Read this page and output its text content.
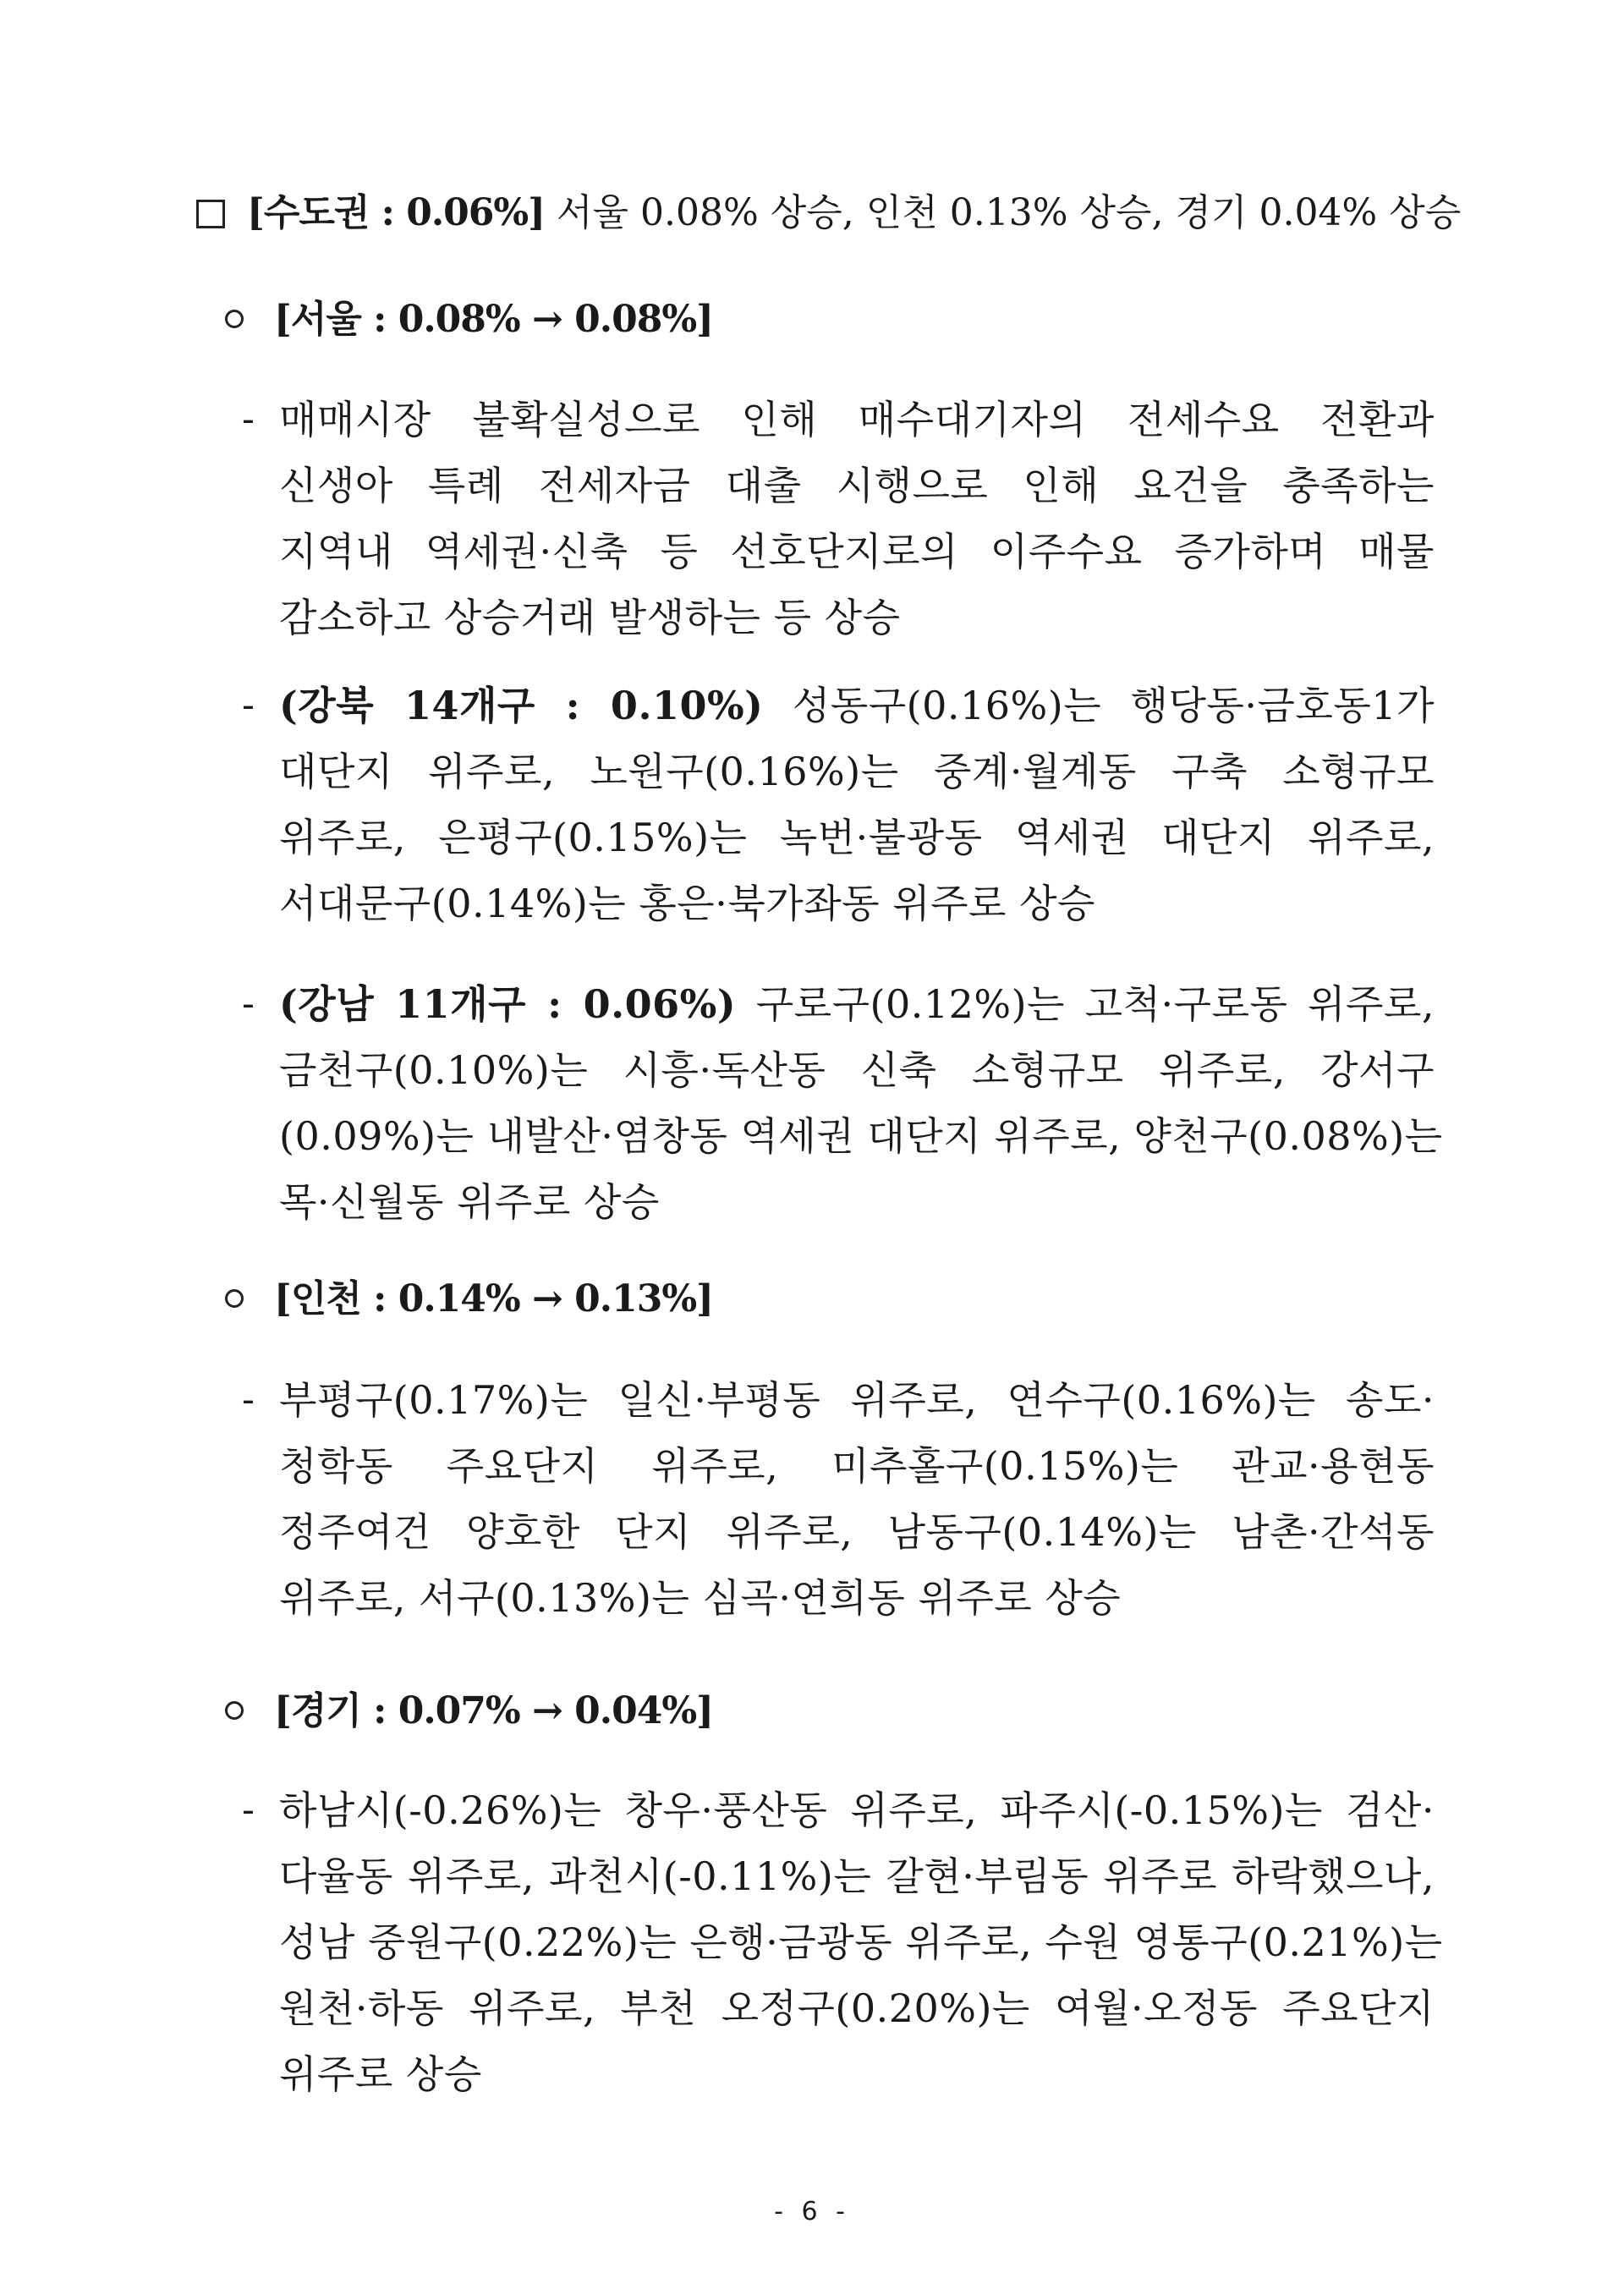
[수도권 : 0.06%] 서울 0.08% 상승, 인천 0.13% 상승, 경기 0.04% 상승
[서울 : 0.08% → 0.08%]
- 매매시장 불확실성으로 인해 매수대기자의 전세수요 전환과
신생아 특례 전세자금 대출 시행으로 인해 요건을 충족하는
지역내 역세권·신축 등 선호단지로의 이주수요 증가하며 매물
감소하고 상승거래 발생하는 등 상승
- (강북 14개구 : 0.10%) 성동구(0.16%)는 행당동·금호동1가
대단지 위주로, 노원구(0.16%)는 중계·월계동 구축 소형규모
위주로, 은평구(0.15%)는 녹번·불광동 역세권 대단지 위주로,
서대문구(0.14%)는 홍은·북가좌동 위주로 상승
- (강남 11개구 : 0.06%) 구로구(0.12%)는 고척·구로동 위주로,
금천구(0.10%)는 시흥·독산동 신축 소형규모 위주로, 강서구
(0.09%)는 내발산·염창동 역세권 대단지 위주로, 양천구(0.08%)는
목·신월동 위주로 상승
[인천 : 0.14% → 0.13%]
- 부평구(0.17%)는 일신·부평동 위주로, 연수구(0.16%)는 송도·
청학동 주요단지 위주로, 미추홀구(0.15%)는 관교·용현동
정주여건 양호한 단지 위주로, 남동구(0.14%)는 남촌·간석동
위주로, 서구(0.13%)는 심곡·연희동 위주로 상승
[경기 : 0.07% → 0.04%]
- 하남시(-0.26%)는 창우·풍산동 위주로, 파주시(-0.15%)는 검산·
다율동 위주로, 과천시(-0.11%)는 갈현·부림동 위주로 하락했으나,
성남 중원구(0.22%)는 은행·금광동 위주로, 수원 영통구(0.21%)는
원천·하동 위주로, 부천 오정구(0.20%)는 여월·오정동 주요단지
위주로 상승
- 6 -
